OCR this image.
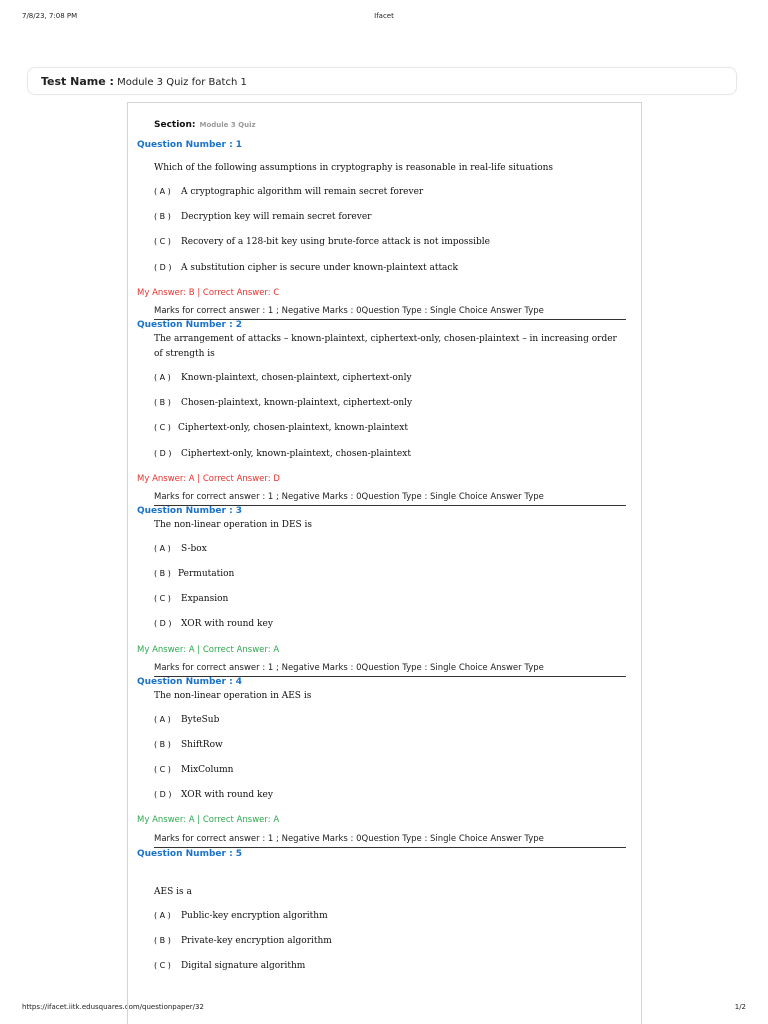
7/8/23, 7:08 PM	Ifacet
https://ifacet.iitk.edusquares.com/questionpaper/32	1/2
Test Name : Module 3 Quiz for Batch 1
Section: Module 3 Quiz
Question Number : 1
Which of the following assumptions in cryptography is reasonable in real-life situations
( A ) A cryptographic algorithm will remain secret forever
( B ) Decryption key will remain secret forever
( C ) Recovery of a 128-bit key using brute-force attack is not impossible
( D ) A substitution cipher is secure under known-plaintext attack
My Answer: B | Correct Answer: C
Marks for correct answer : 1 ; Negative Marks : 0Question Type : Single Choice Answer Type
Question Number : 2
The arrangement of attacks – known-plaintext, ciphertext-only, chosen-plaintext – in increasing order of strength is
( A ) Known-plaintext, chosen-plaintext, ciphertext-only
( B ) Chosen-plaintext, known-plaintext, ciphertext-only
( C ) Ciphertext-only, chosen-plaintext, known-plaintext
( D ) Ciphertext-only, known-plaintext, chosen-plaintext
My Answer: A | Correct Answer: D
Marks for correct answer : 1 ; Negative Marks : 0Question Type : Single Choice Answer Type
Question Number : 3
The non-linear operation in DES is
( A ) S-box
( B ) Permutation
( C ) Expansion
( D ) XOR with round key
My Answer: A | Correct Answer: A
Marks for correct answer : 1 ; Negative Marks : 0Question Type : Single Choice Answer Type
Question Number : 4
The non-linear operation in AES is
( A ) ByteSub
( B ) ShiftRow
( C ) MixColumn
( D ) XOR with round key
My Answer: A | Correct Answer: A
Marks for correct answer : 1 ; Negative Marks : 0Question Type : Single Choice Answer Type
Question Number : 5
AES is a
( A ) Public-key encryption algorithm
( B ) Private-key encryption algorithm
( C ) Digital signature algorithm
